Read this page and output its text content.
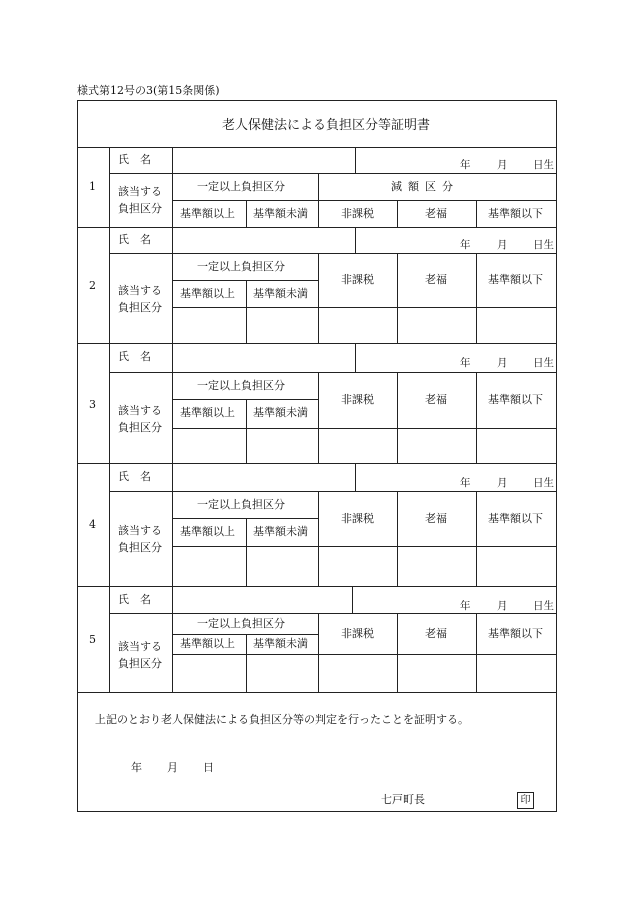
様式第12号の3(第15条関係)
老人保健法による負担区分等証明書
1
氏　名	年	月 日生
該当する
負担区分
一定以上負担区分	減額区分
基準額以上 基準額未満	非課税	老福	基準額以下
2
氏　名	年	月 日生
該当する
負担区分
一定以上負担区分
基準額以上 基準額未満
非課税	老福	基準額以下
3
氏　名	年	月 日生
該当する
負担区分
一定以上負担区分
基準額以上 基準額未満
非課税	老福	基準額以下
4
氏　名	年	月 日生
該当する
負担区分
一定以上負担区分
基準額以上 基準額未満
非課税	老福	基準額以下
5
氏　名	年	月 日生
該当する
負担区分
一定以上負担区分
基準額以上 基準額未満
非課税	老福	基準額以下
上記のとおり老人保健法による負担区分等の判定を行ったことを証明する。
年 月 日
七戸町長	印
